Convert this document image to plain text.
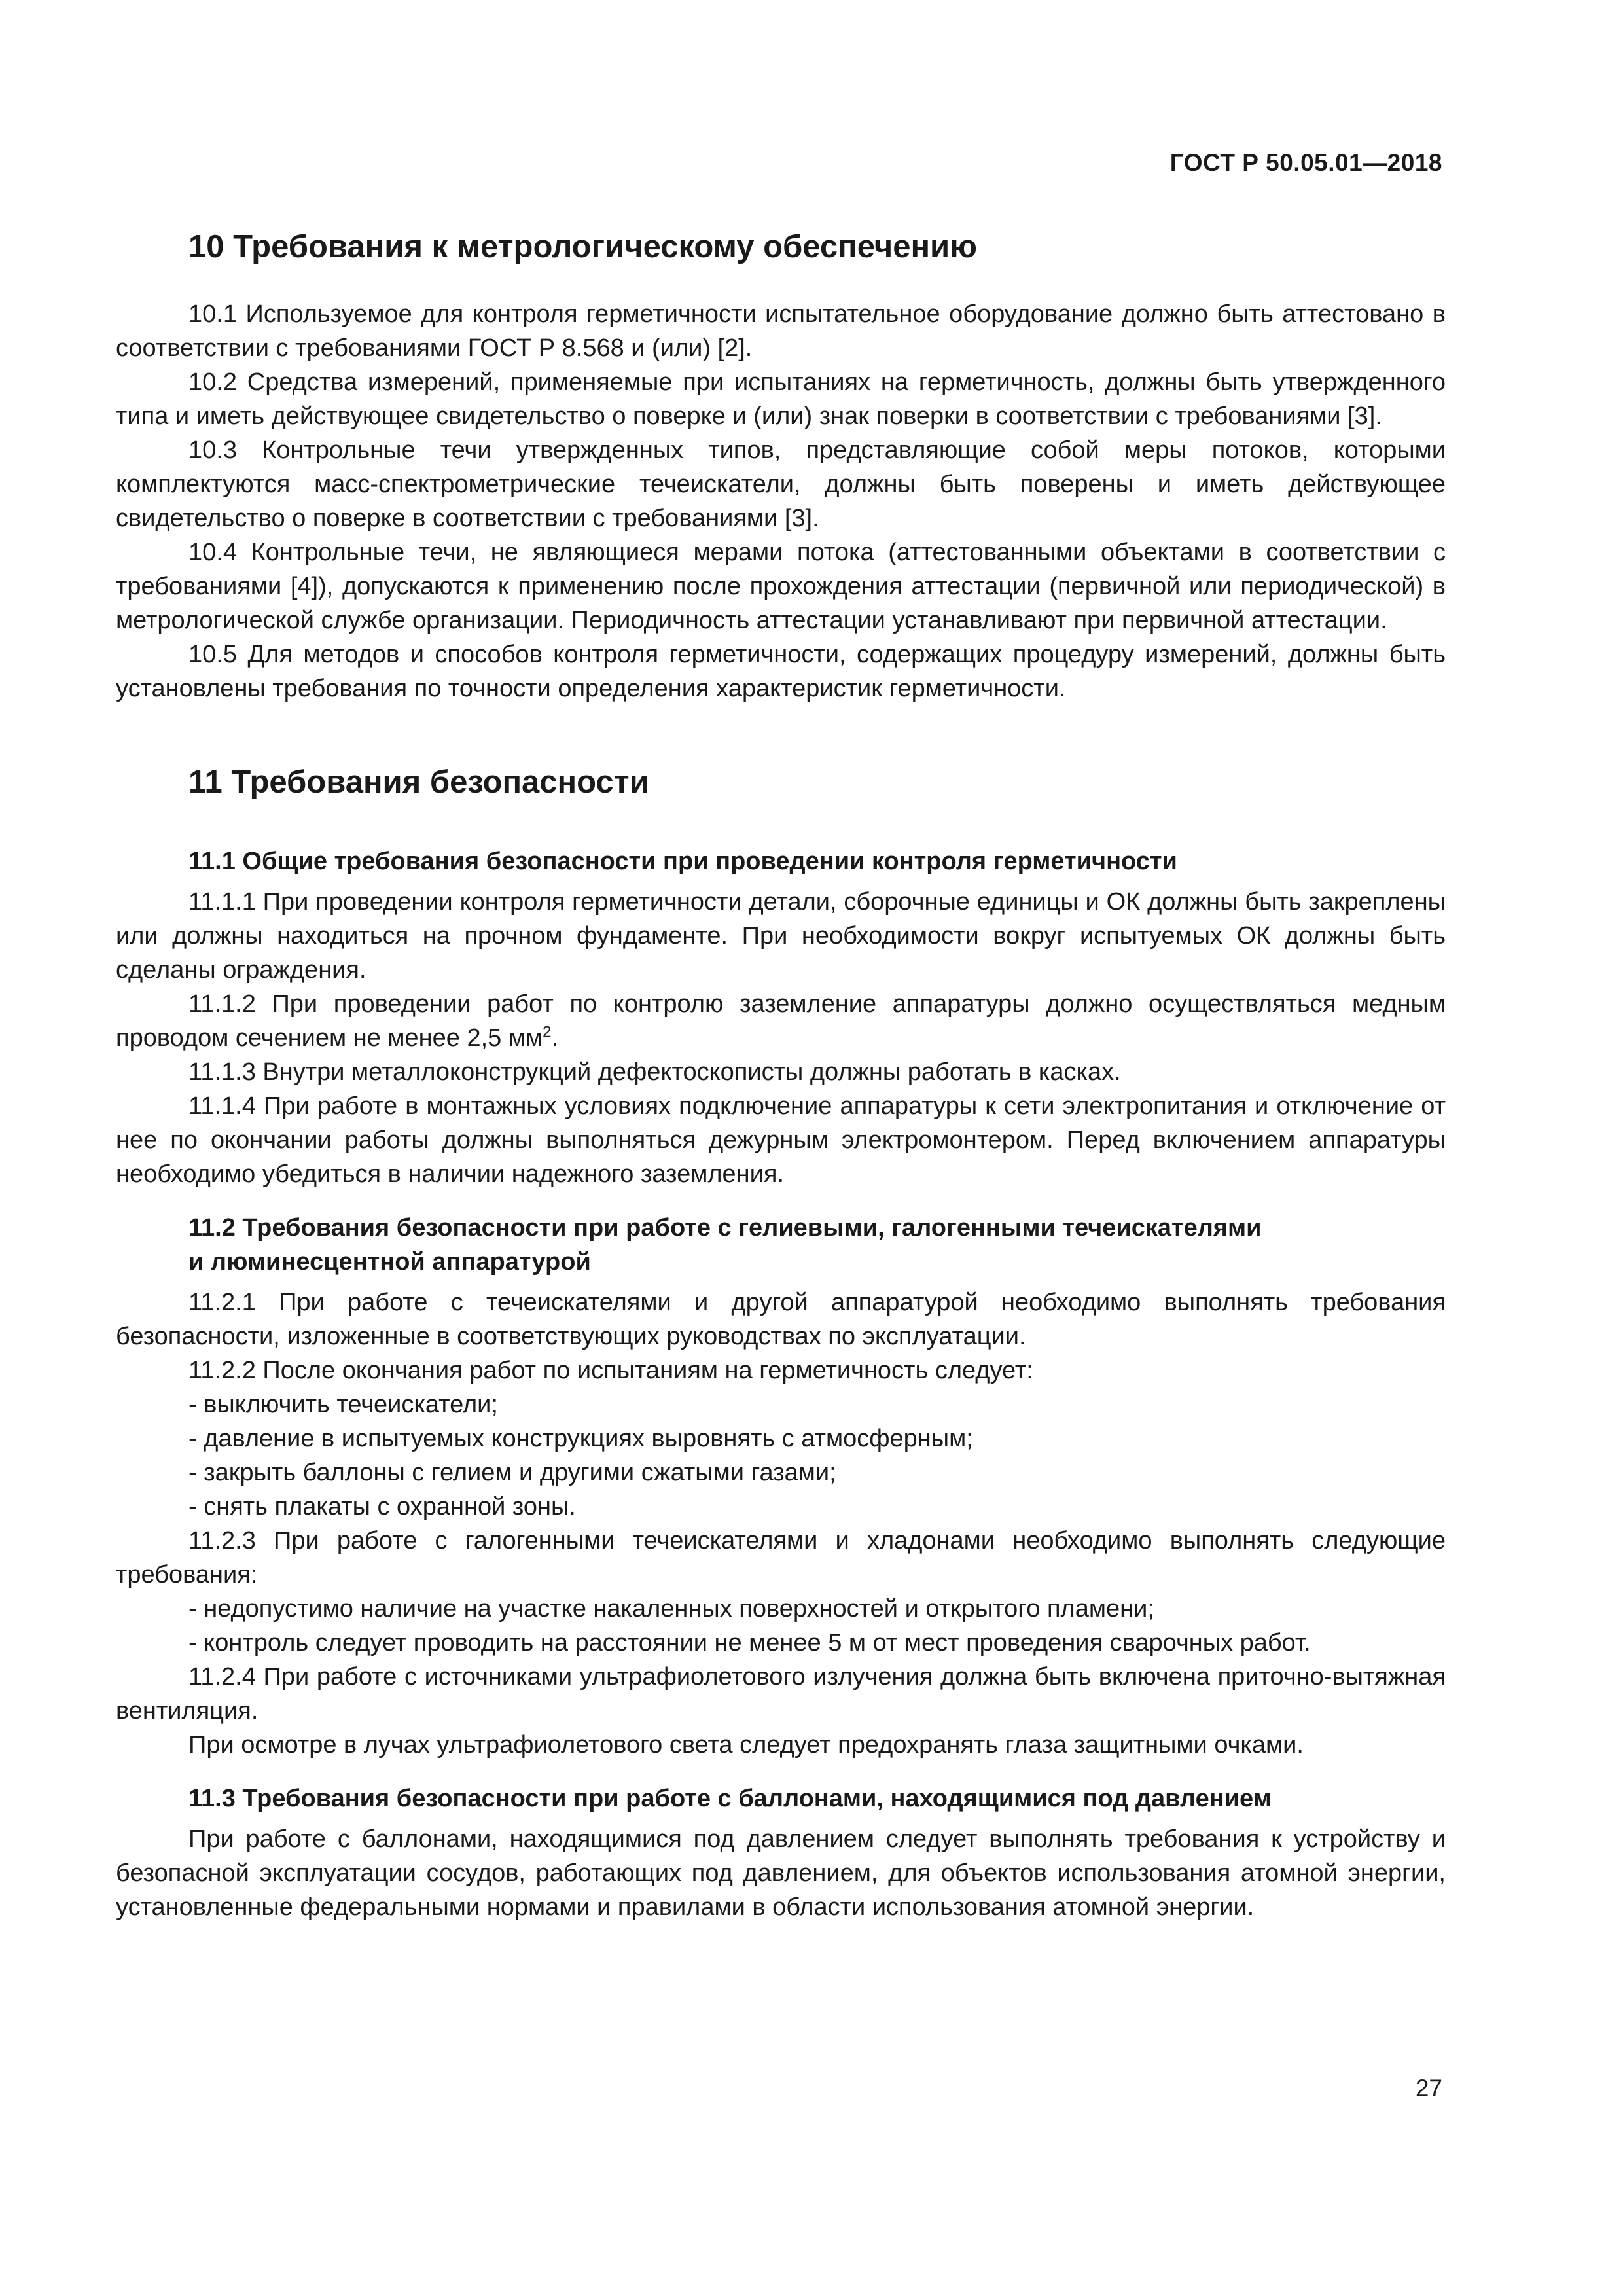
ГОСТ Р 50.05.01—2018
10 Требования к метрологическому обеспечению

10.1 Используемое для контроля герметичности испытательное оборудование должно быть аттестовано в соответствии с требованиями ГОСТ Р 8.568 и (или) [2].

10.2 Средства измерений, применяемые при испытаниях на герметичность, должны быть утвержденного типа и иметь действующее свидетельство о поверке и (или) знак поверки в соответствии с требованиями [3].

10.3 Контрольные течи утвержденных типов, представляющие собой меры потоков, которыми комплектуются масс-спектрометрические течеискатели, должны быть поверены и иметь действующее свидетельство о поверке в соответствии с требованиями [3].

10.4 Контрольные течи, не являющиеся мерами потока (аттестованными объектами в соответствии с требованиями [4]), допускаются к применению после прохождения аттестации (первичной или периодической) в метрологической службе организации. Периодичность аттестации устанавливают при первичной аттестации.

10.5 Для методов и способов контроля герметичности, содержащих процедуру измерений, должны быть установлены требования по точности определения характеристик герметичности.

11 Требования безопасности
11.1 Общие требования безопасности при проведении контроля герметичности

11.1.1 При проведении контроля герметичности детали, сборочные единицы и ОК должны быть закреплены или должны находиться на прочном фундаменте. При необходимости вокруг испытуемых ОК должны быть сделаны ограждения.

11.1.2 При проведении работ по контролю заземление аппаратуры должно осуществляться медным проводом сечением не менее 2,5 $мм^2$.

11.1.3 Внутри металлоконструкций дефектоскописты должны работать в касках.

11.1.4 При работе в монтажных условиях подключение аппаратуры к сети электропитания и отключение от нее по окончании работы должны выполняться дежурным электромонтером. Перед включением аппаратуры необходимо убедиться в наличии надежного заземления.

11.2 Требования безопасности при работе с гелиевыми, галогенными течеискателями
и люминесцентной аппаратурой

11.2.1 При работе с течеискателями и другой аппаратурой необходимо выполнять требования безопасности, изложенные в соответствующих руководствах по эксплуатации.

11.2.2 После окончания работ по испытаниям на герметичность следует:

- выключить течеискатели;
- давление в испытуемых конструкциях выровнять с атмосферным;
- закрыть баллоны с гелием и другими сжатыми газами;
- снять плакаты с охранной зоны.

11.2.3 При работе с галогенными течеискателями и хладонами необходимо выполнять следующие требования:

- недопустимо наличие на участке накаленных поверхностей и открытого пламени;
- контроль следует проводить на расстоянии не менее 5 м от мест проведения сварочных работ.

11.2.4 При работе с источниками ультрафиолетового излучения должна быть включена приточно-вытяжная вентиляция.

При осмотре в лучах ультрафиолетового света следует предохранять глаза защитными очками.

11.3 Требования безопасности при работе с баллонами, находящимися под давлением

При работе с баллонами, находящимися под давлением следует выполнять требования к устройству и безопасной эксплуатации сосудов, работающих под давлением, для объектов использования атомной энергии, установленные федеральными нормами и правилами в области использования атомной энергии.

27
